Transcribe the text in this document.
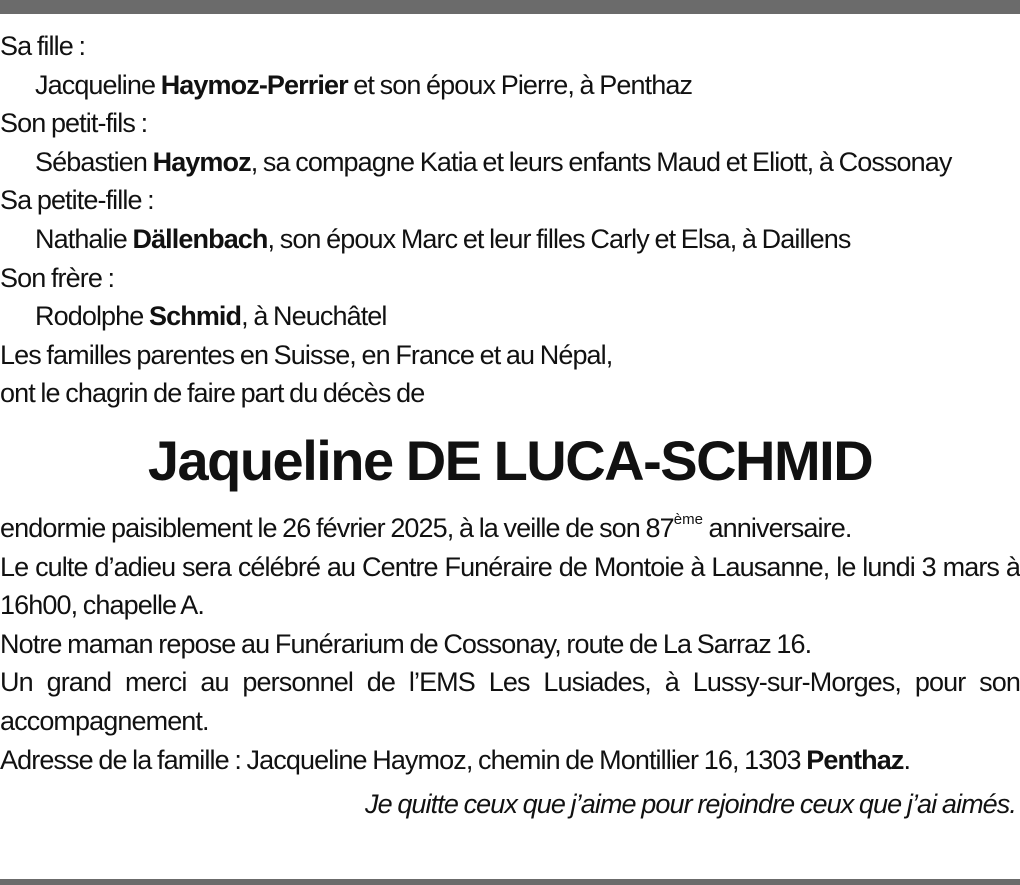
Sa fille :

Jacqueline Haymoz-Perrier et son époux Pierre, à Penthaz

Son petit-fils :

Sébastien Haymoz, sa compagne Katia et leurs enfants Maud et Eliott, à Cossonay

Sa petite-fille :

Nathalie Dällenbach, son époux Marc et leur filles Carly et Elsa, à Daillens

Son frère :

Rodolphe Schmid, à Neuchâtel

Les familles parentes en Suisse, en France et au Népal,

ont le chagrin de faire part du décès de

Jaqueline DE LUCA-SCHMID

endormie paisiblement le 26 février 2025, à la veille de son 87ème anniversaire.

Le culte d’adieu sera célébré au Centre Funéraire de Montoie à Lausanne, le lundi 3 mars à 16h00, chapelle A.

Notre maman repose au Funérarium de Cossonay, route de La Sarraz 16.

Un grand merci au personnel de l’EMS Les Lusiades, à Lussy-sur-Morges, pour son accompagnement.

Adresse de la famille : Jacqueline Haymoz, chemin de Montillier 16, 1303 Penthaz.

Je quitte ceux que j’aime pour rejoindre ceux que j’ai aimés.
